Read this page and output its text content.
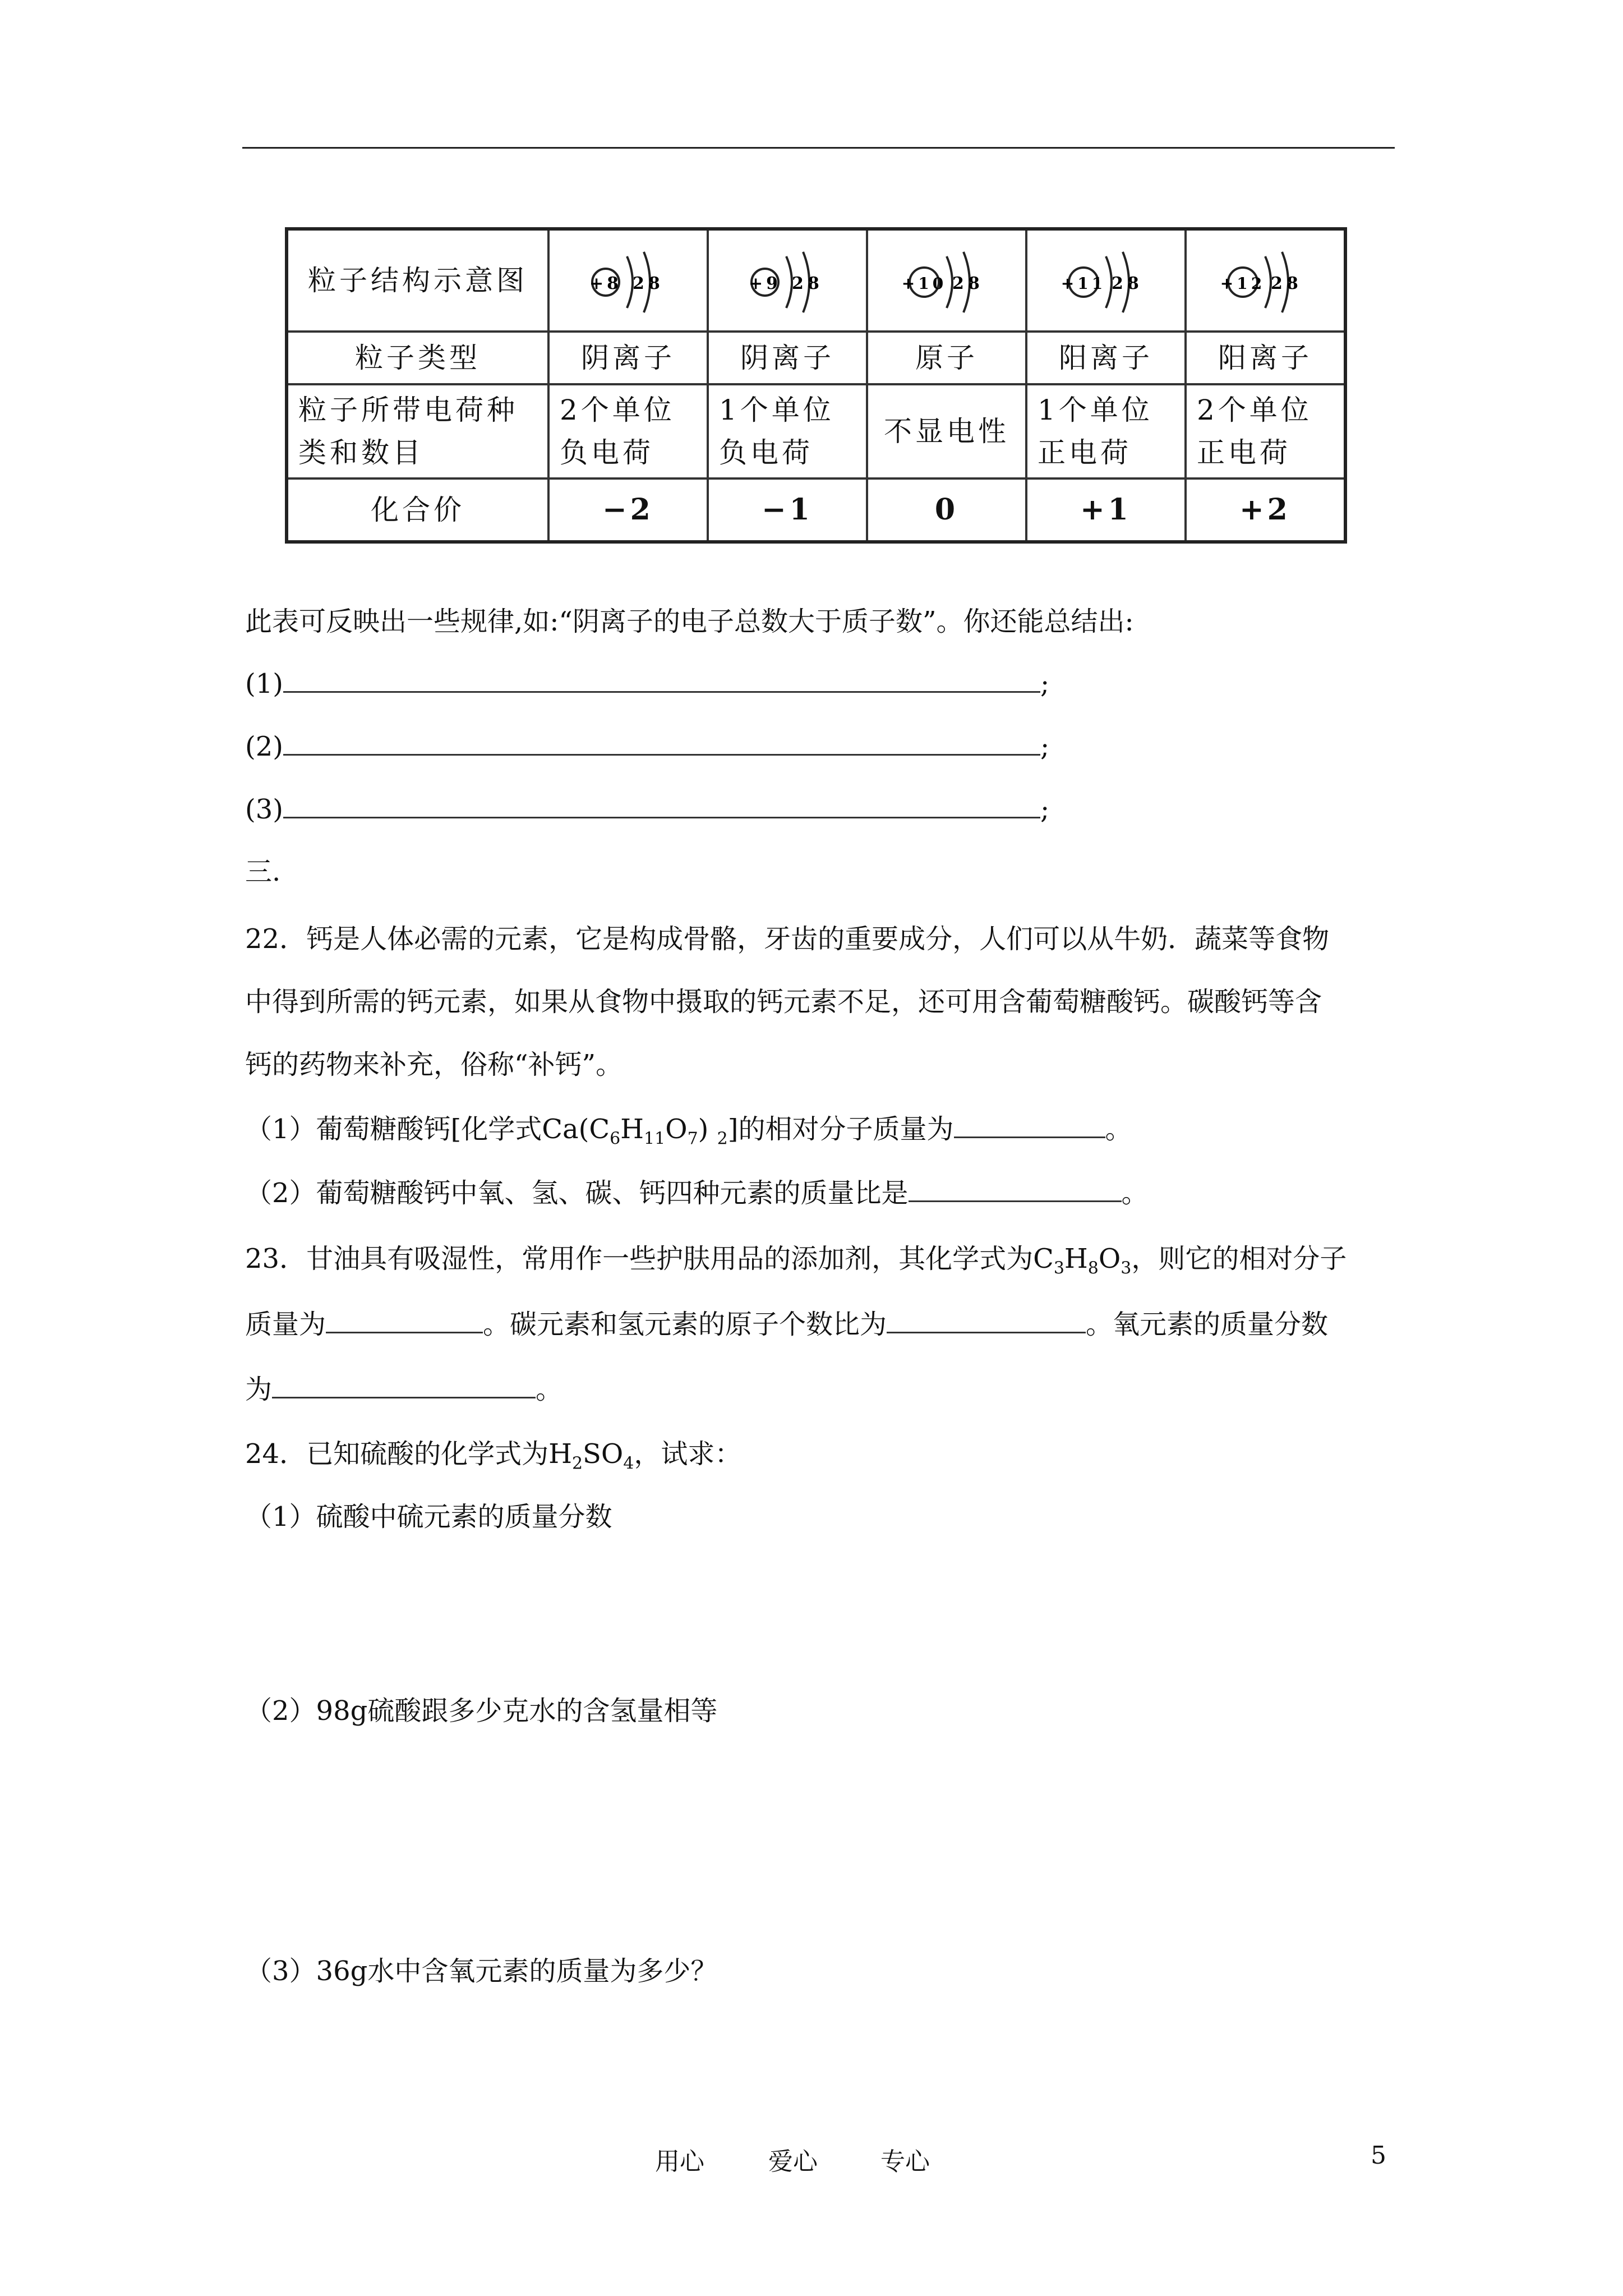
粒子结构示意图	+8 2 8	+9 2 8	+10 2 8	+11 2 8	+12 2 8

粒子类型	阴离子	阴离子	原子	阳离子	阳离子
粒子所带电荷种类和数目	2个单位负电荷	1个单位负电荷	不显电性	1个单位正电荷	2个单位正电荷
化合价	−2	−1	0	+1	+2
此表可反映出一些规律,如:“阴离子的电子总数大于质子数”。你还能总结出:
(1)	;
(2)	;
(3)	;
三.
22．钙是人体必需的元素，它是构成骨骼，牙齿的重要成分，人们可以从牛奶．蔬菜等食物
中得到所需的钙元素，如果从食物中摄取的钙元素不足，还可用含葡萄糖酸钙。碳酸钙等含
钙的药物来补充，俗称“补钙”。
（1）葡萄糖酸钙[化学式$Ca(C_6H_{11}O_7)$ $_2$]的相对分子质量为	。
（2）葡萄糖酸钙中氧、氢、碳、钙四种元素的质量比是	。
23．甘油具有吸湿性，常用作一些护肤用品的添加剂，其化学式为$C_3H_8O_3$，则它的相对分子
质量为	。碳元素和氢元素的原子个数比为	。氧元素的质量分数
为	。
24．已知硫酸的化学式为$H_2SO_4$，试求：
（1）硫酸中硫元素的质量分数
（2）98g硫酸跟多少克水的含氢量相等
（3）36g水中含氧元素的质量为多少？
用心	爱心	专心	5
